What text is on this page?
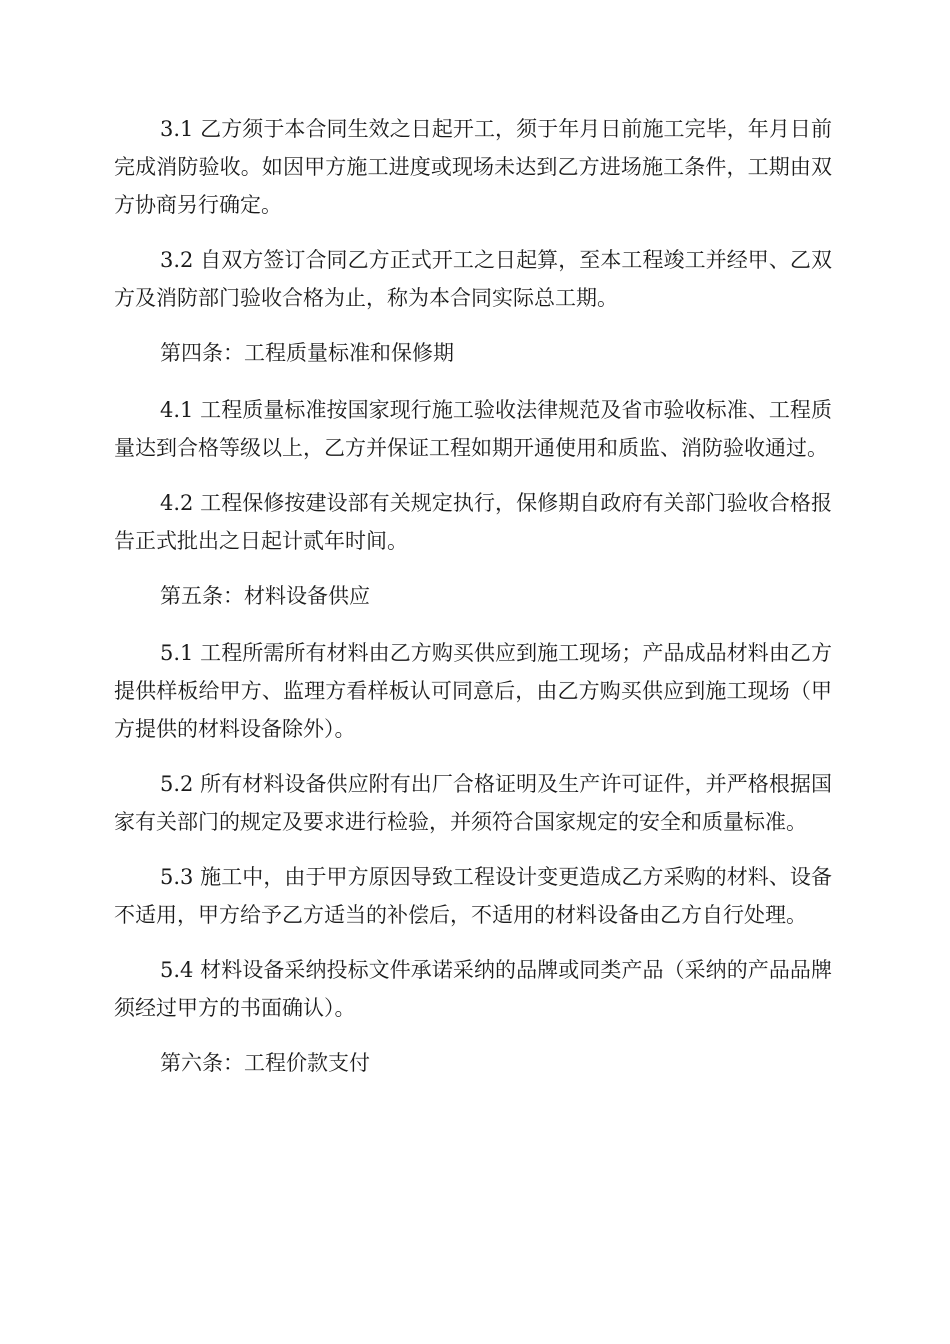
3.1 乙方须于本合同生效之日起开工，须于年月日前施工完毕，年月日前完成消防验收。如因甲方施工进度或现场未达到乙方进场施工条件，工期由双方协商另行确定。

3.2 自双方签订合同乙方正式开工之日起算，至本工程竣工并经甲、乙双方及消防部门验收合格为止，称为本合同实际总工期。

第四条：工程质量标准和保修期

4.1 工程质量标准按国家现行施工验收法律规范及省市验收标准、工程质量达到合格等级以上，乙方并保证工程如期开通使用和质监、消防验收通过。

4.2 工程保修按建设部有关规定执行，保修期自政府有关部门验收合格报告正式批出之日起计贰年时间。

第五条：材料设备供应

5.1 工程所需所有材料由乙方购买供应到施工现场；产品成品材料由乙方提供样板给甲方、监理方看样板认可同意后，由乙方购买供应到施工现场（甲方提供的材料设备除外）。

5.2 所有材料设备供应附有出厂合格证明及生产许可证件，并严格根据国家有关部门的规定及要求进行检验，并须符合国家规定的安全和质量标准。

5.3 施工中，由于甲方原因导致工程设计变更造成乙方采购的材料、设备不适用，甲方给予乙方适当的补偿后，不适用的材料设备由乙方自行处理。

5.4 材料设备采纳投标文件承诺采纳的品牌或同类产品（采纳的产品品牌须经过甲方的书面确认）。

第六条：工程价款支付
